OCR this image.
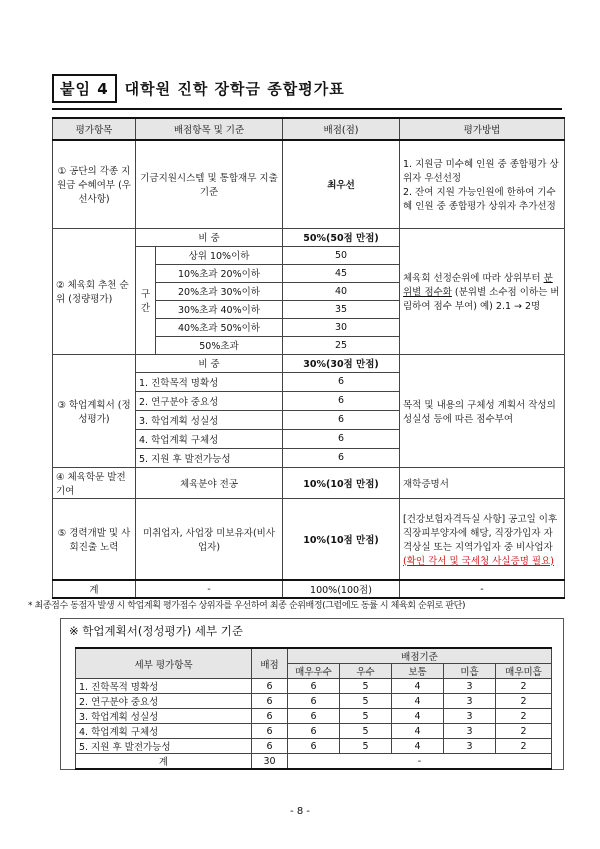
붙임 4	대학원 진학 장학금 종합평가표
평가항목	배점항목 및 기준		배점(점)	평가방법
① 공단의 각종 지원금 수혜여부 (우선사항)	기금지원시스템 및 통합재무 지출기준		최우선	1. 지원금 미수혜 인원 중 종합평가 상위자 우선선정
2. 잔여 지원 가능인원에 한하여 기수혜 인원 중 종합평가 상위자 추가선정

② 체육회 추천 순위 (정량평가)	비 중		50%(50점 만점)	체육회 선정순위에 따라 상위부터 분위별 점수화 (분위별 소수점 이하는 버림하여 점수 부여) 예) 2.1 → 2명
	구간	상위 10%이하	50	
		10%초과 20%이하	45	
		20%초과 30%이하	40	
		30%초과 40%이하	35	
		40%초과 50%이하	30	
		50%초과	25	
③ 학업계획서 (정성평가)	비 중		30%(30점 만점)	목적 및 내용의 구체성 계획서 작성의 성실성 등에 따른 점수부여
	1. 진학목적 명확성		6	
	2. 연구분야 중요성		6	
	3. 학업계획 성실성		6	
	4. 학업계획 구체성		6	
	5. 지원 후 발전가능성		6	
④ 체육학문 발전기여	체육분야 전공		10%(10점 만점)	재학증명서
⑤ 경력개발 및 사회진출 노력	미취업자, 사업장 미보유자(비사업자)		10%(10점 만점)	[건강보험자격득실 사항] 공고일 이후 직장피부양자에 해당, 직장가입자 자격상실 또는 지역가입자 중 비사업자(확인 각서 및 국세청 사실증명 필요)
계	-		100%(100점)	-
* 최종점수 동점자 발생 시 학업계획 평가점수 상위자를 우선하여 최종 순위배정(그럼에도 동률 시 체육회 순위로 판단)
※ 학업계획서(정성평가) 세부 기준
세부 평가항목	배점	배점기준				
		매우우수	우수	보통	미흡	매우미흡
1. 진학목적 명확성	6	6	5	4	3	2
2. 연구분야 중요성	6	6	5	4	3	2
3. 학업계획 성실성	6	6	5	4	3	2
4. 학업계획 구체성	6	6	5	4	3	2
5. 지원 후 발전가능성	6	6	5	4	3	2
계	30	-				
- 8 -
